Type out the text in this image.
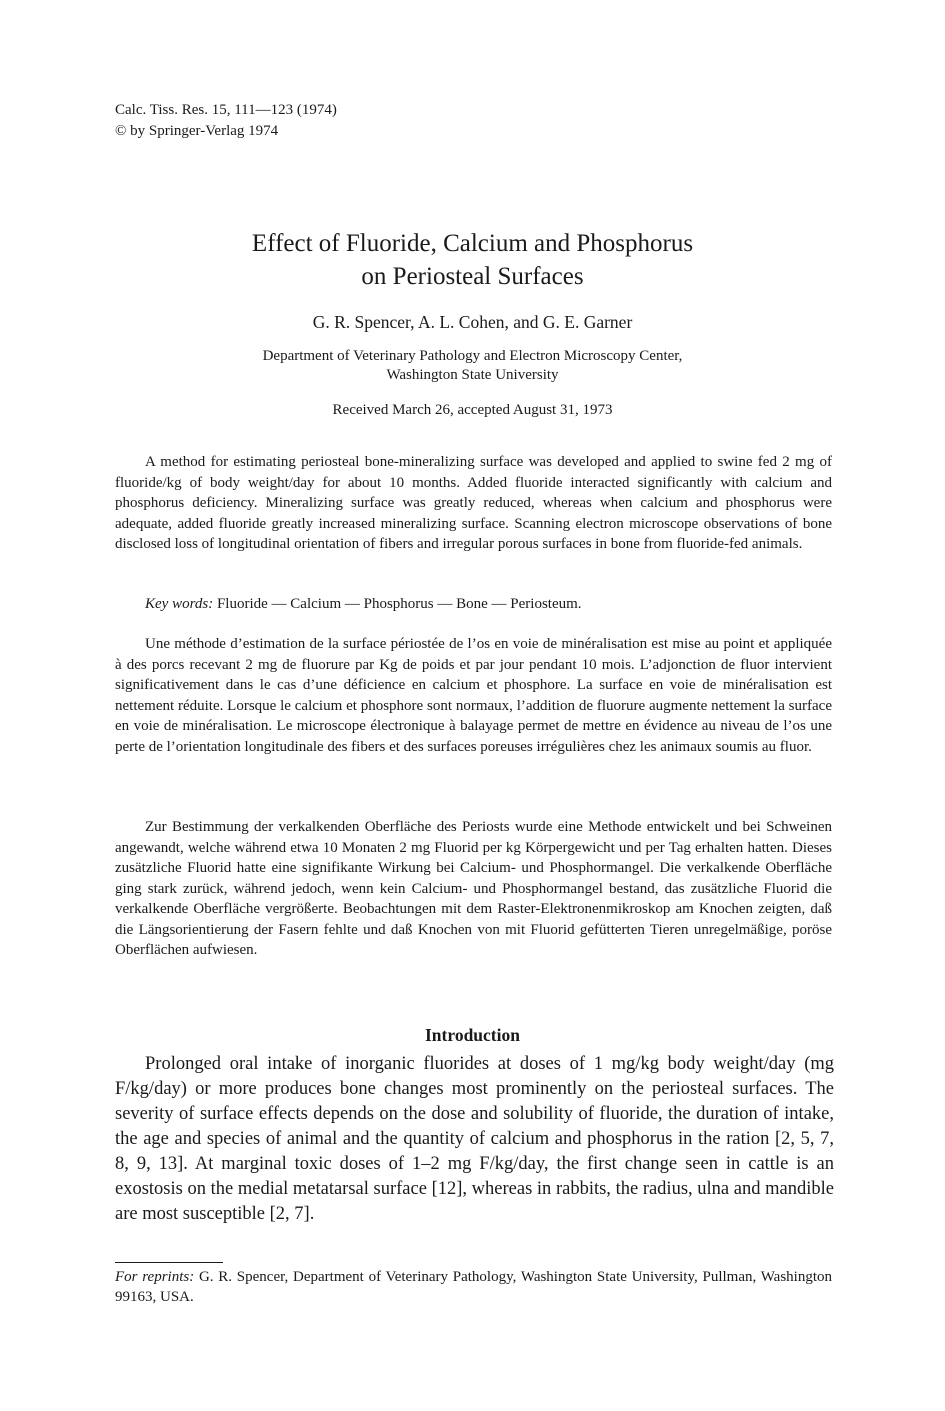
Calc. Tiss. Res. 15, 111—123 (1974)
© by Springer-Verlag 1974
Effect of Fluoride, Calcium and Phosphorus
on Periosteal Surfaces
G. R. Spencer, A. L. Cohen, and G. E. Garner
Department of Veterinary Pathology and Electron Microscopy Center,
Washington State University
Received March 26, accepted August 31, 1973
A method for estimating periosteal bone-mineralizing surface was developed and applied to swine fed 2 mg of fluoride/kg of body weight/day for about 10 months. Added fluoride interacted significantly with calcium and phosphorus deficiency. Mineralizing surface was greatly reduced, whereas when calcium and phosphorus were adequate, added fluoride greatly increased mineralizing surface. Scanning electron microscope observations of bone disclosed loss of longitudinal orientation of fibers and irregular porous surfaces in bone from fluoride-fed animals.
Key words: Fluoride — Calcium — Phosphorus — Bone — Periosteum.
Une méthode d’estimation de la surface périostée de l’os en voie de minéralisation est mise au point et appliquée à des porcs recevant 2 mg de fluorure par Kg de poids et par jour pendant 10 mois. L’adjonction de fluor intervient significativement dans le cas d’une déficience en calcium et phosphore. La surface en voie de minéralisation est nettement réduite. Lorsque le calcium et phosphore sont normaux, l’addition de fluorure augmente nettement la surface en voie de minéralisation. Le microscope électronique à balayage permet de mettre en évidence au niveau de l’os une perte de l’orientation longitudinale des fibers et des surfaces poreuses irrégulières chez les animaux soumis au fluor.
Zur Bestimmung der verkalkenden Oberfläche des Periosts wurde eine Methode entwickelt und bei Schweinen angewandt, welche während etwa 10 Monaten 2 mg Fluorid per kg Körpergewicht und per Tag erhalten hatten. Dieses zusätzliche Fluorid hatte eine signifikante Wirkung bei Calcium- und Phosphormangel. Die verkalkende Oberfläche ging stark zurück, während jedoch, wenn kein Calcium- und Phosphormangel bestand, das zusätzliche Fluorid die verkalkende Oberfläche vergrößerte. Beobachtungen mit dem Raster-Elektronenmikroskop am Knochen zeigten, daß die Längsorientierung der Fasern fehlte und daß Knochen von mit Fluorid gefütterten Tieren unregelmäßige, poröse Oberflächen aufwiesen.
Introduction
Prolonged oral intake of inorganic fluorides at doses of 1 mg/kg body weight/day (mg F/kg/day) or more produces bone changes most prominently on the periosteal surfaces. The severity of surface effects depends on the dose and solubility of fluoride, the duration of intake, the age and species of animal and the quantity of calcium and phosphorus in the ration [2, 5, 7, 8, 9, 13]. At marginal toxic doses of 1–2 mg F/kg/day, the first change seen in cattle is an exostosis on the medial metatarsal surface [12], whereas in rabbits, the radius, ulna and mandible are most susceptible [2, 7].
For reprints: G. R. Spencer, Department of Veterinary Pathology, Washington State University, Pullman, Washington 99163, USA.
